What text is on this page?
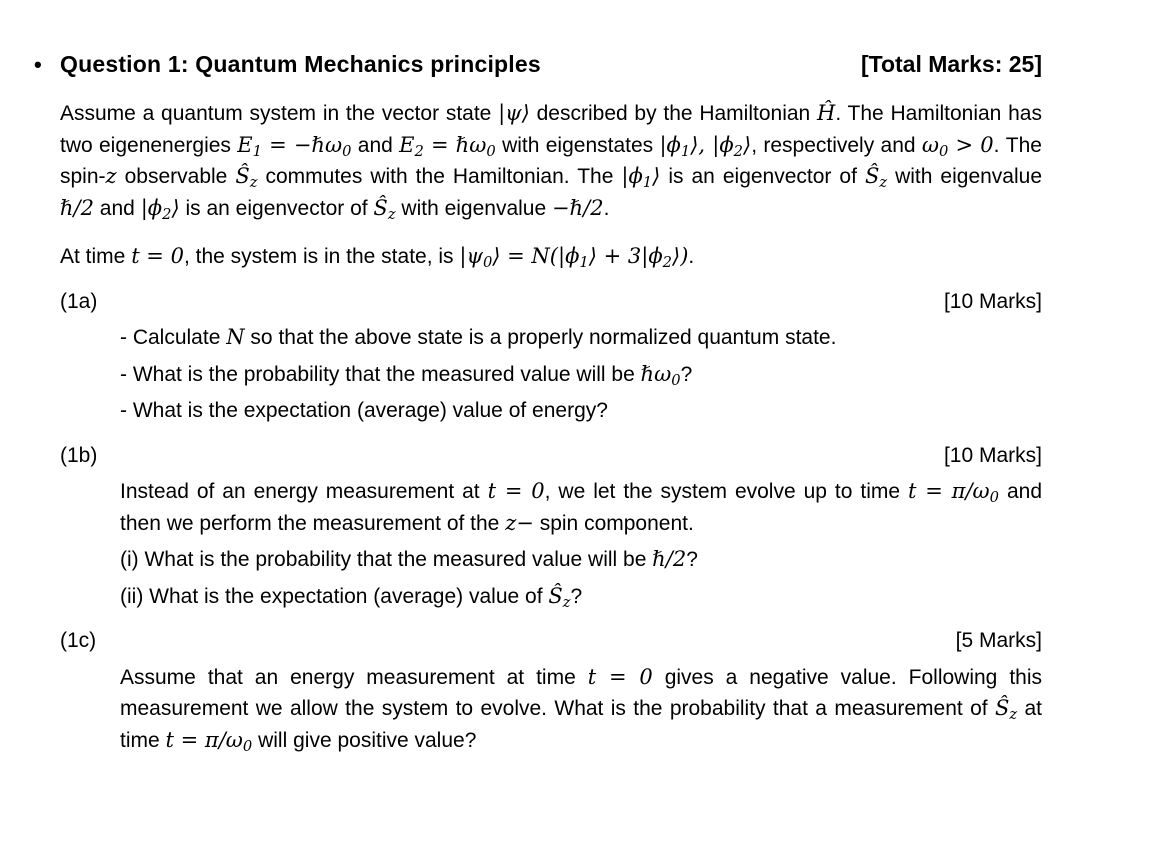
• Question 1: Quantum Mechanics principles	[Total Marks: 25]

Assume a quantum system in the vector state |ψ⟩ described by the Hamiltonian Ĥ. The Hamiltonian has two eigenenergies E1 = −ℏω0 and E2 = ℏω0 with eigenstates |ϕ1⟩, |ϕ2⟩, respectively and ω0 > 0. The spin-z observable Ŝz commutes with the Hamiltonian. The |ϕ1⟩ is an eigenvector of Ŝz with eigenvalue ℏ/2 and |ϕ2⟩ is an eigenvector of Ŝz with eigenvalue −ℏ/2.

At time t = 0, the system is in the state, is |ψ0⟩ = N(|ϕ1⟩ + 3|ϕ2⟩).

(1a)	[10 Marks]

- Calculate N so that the above state is a properly normalized quantum state.

- What is the probability that the measured value will be ℏω0?

- What is the expectation (average) value of energy?

(1b)	[10 Marks]

Instead of an energy measurement at t = 0, we let the system evolve up to time t = π/ω0 and then we perform the measurement of the z− spin component.

(i) What is the probability that the measured value will be ℏ/2?

(ii) What is the expectation (average) value of Ŝz?

(1c)	[5 Marks]

Assume that an energy measurement at time t = 0 gives a negative value. Following this measurement we allow the system to evolve. What is the probability that a measurement of Ŝz at time t = π/ω0 will give positive value?
